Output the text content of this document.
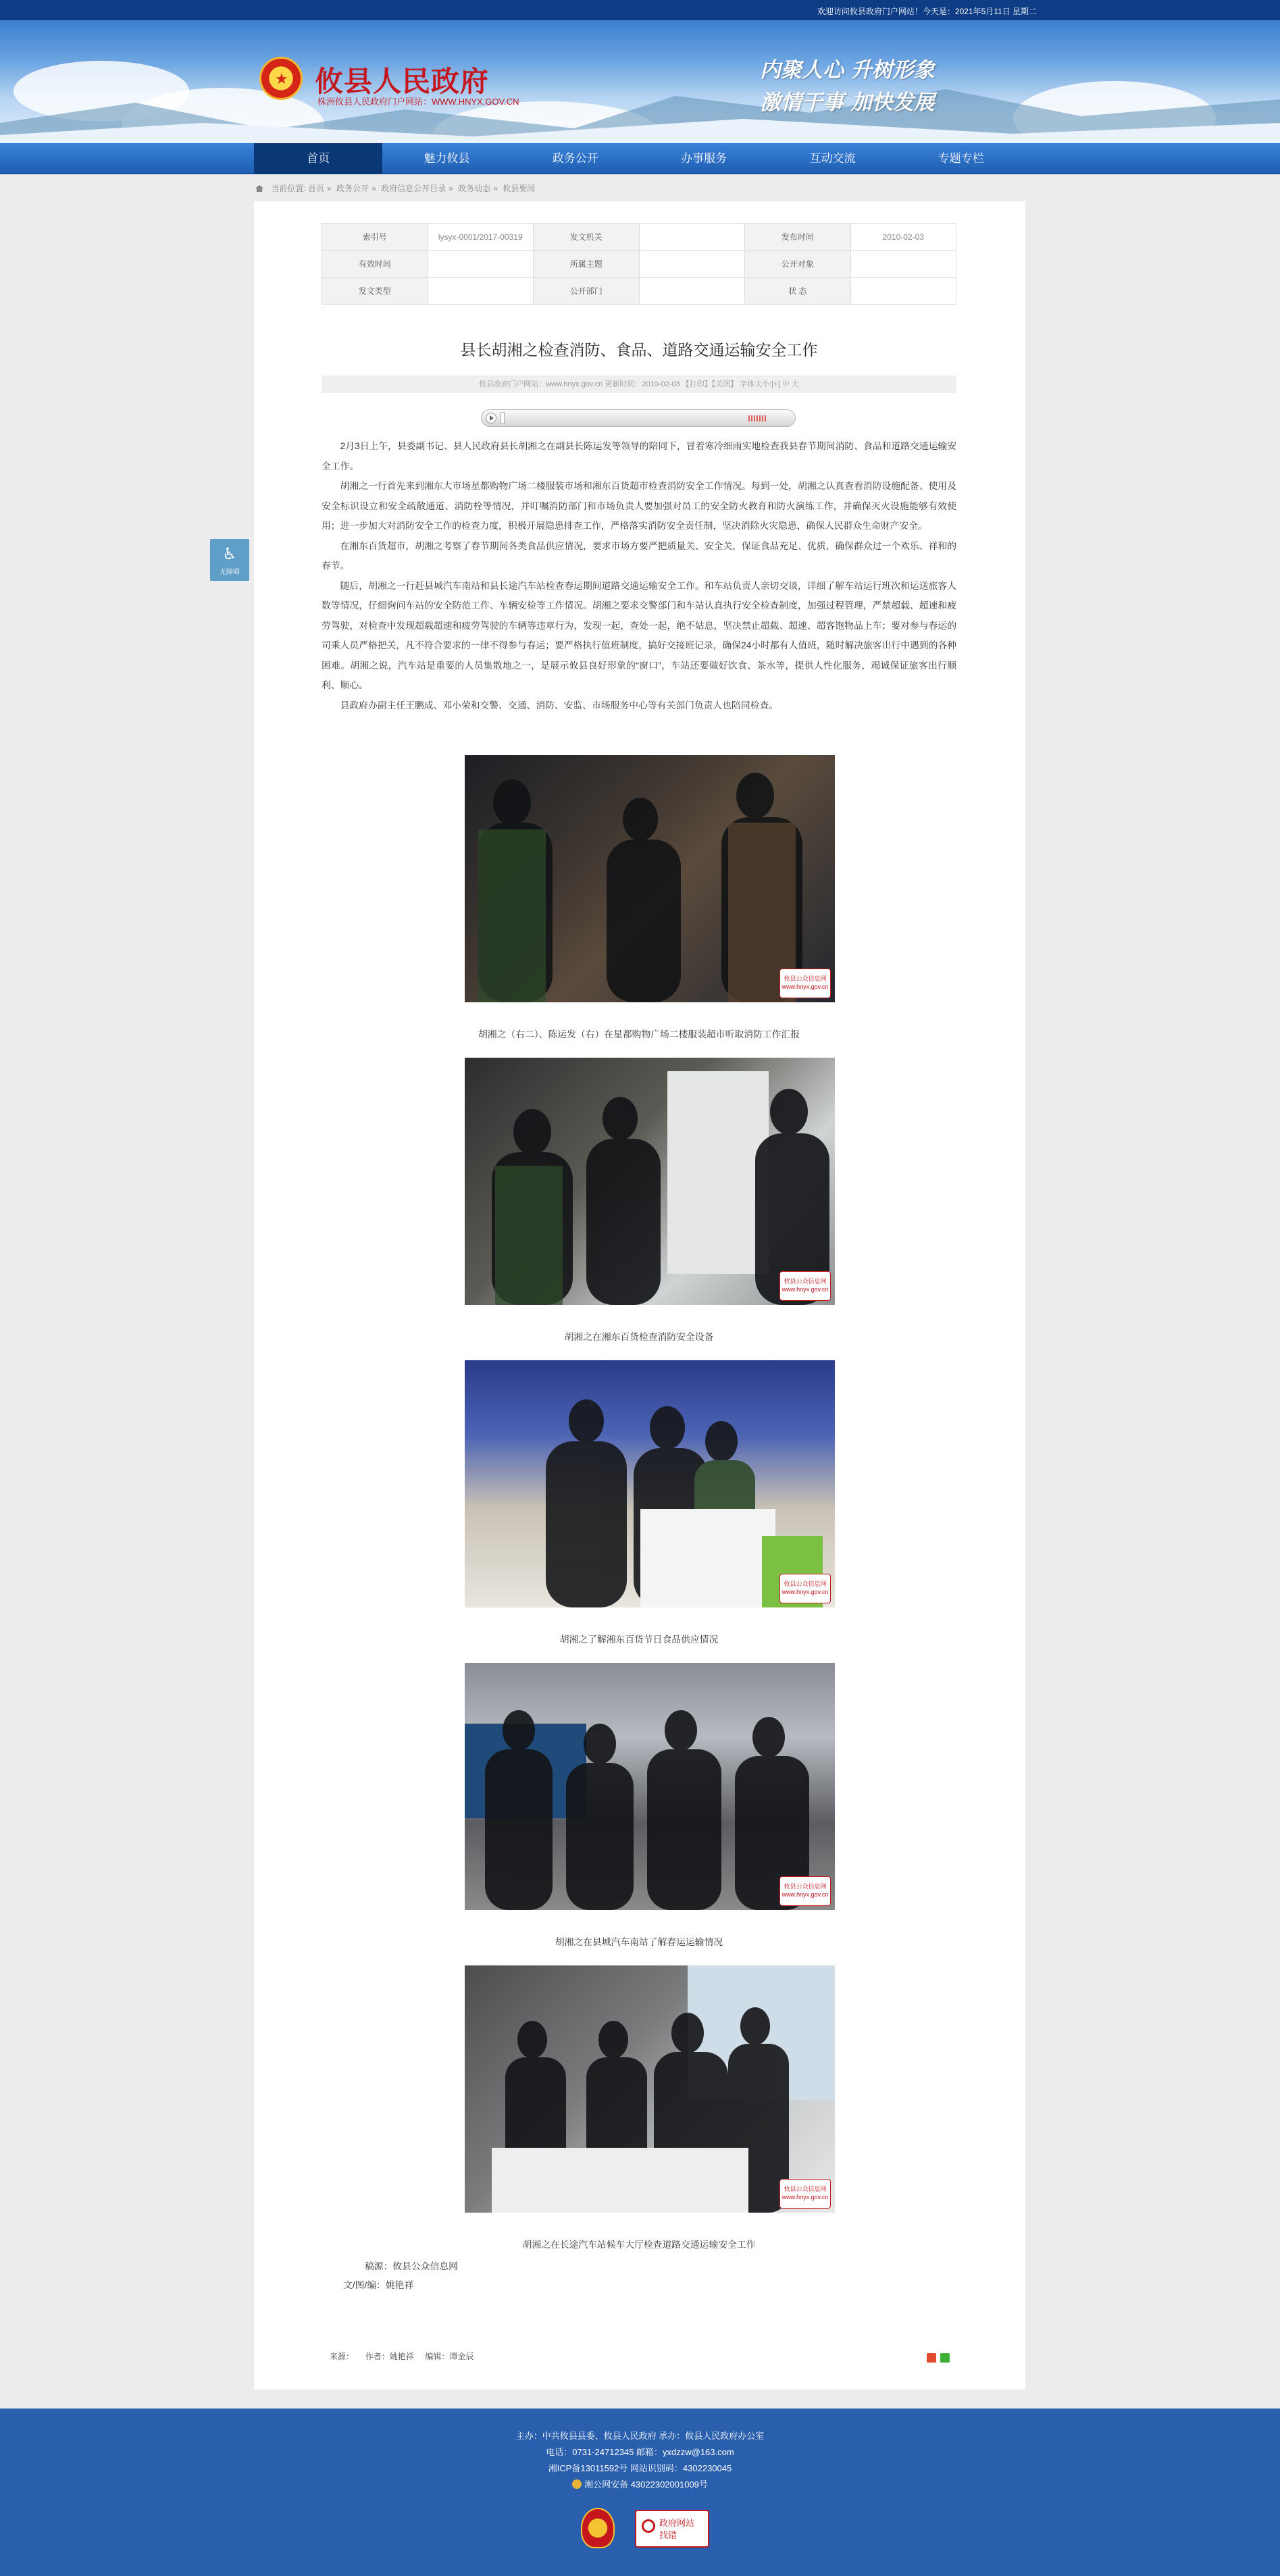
欢迎访问攸县政府门户网站！今天是：2021年5月11日 星期二
★ 攸县人民政府
株洲攸县人民政府门户网站：WWW.HNYX.GOV.CN
内聚人心 升树形象
激情干事 加快发展
首页	魅力攸县	政务公开	办事服务	互动交流	专题专栏
当前位置: 首页 » 政务公开 » 政府信息公开目录 » 政务动态 » 攸县要闻
♿
无障碍
索引号	lysyx-0001/2017-00319	发文机关		发布时间	2010-02-03
有效时间		所属主题		公开对象	
发文类型		公开部门		状 态	
县长胡湘之检查消防、食品、道路交通运输安全工作
攸县政府门户网站：www.hnyx.gov.cn 更新时间：2010-02-03 【打印】【关闭】 字体大小:[+] 中 大

2月3日上午，县委副书记、县人民政府县长胡湘之在副县长陈运发等领导的陪同下，冒着寒冷细雨实地检查我县春节期间消防、食品和道路交通运输安全工作。

胡湘之一行首先来到湘东大市场星都购物广场二楼服装市场和湘东百货超市检查消防安全工作情况。每到一处，胡湘之认真查看消防设施配备、使用及安全标识设立和安全疏散通道、消防栓等情况，并叮嘱消防部门和市场负责人要加强对员工的安全防火教育和防火演练工作，并确保灭火设施能够有效使用；进一步加大对消防安全工作的检查力度，积极开展隐患排查工作，严格落实消防安全责任制，坚决消除火灾隐患，确保人民群众生命财产安全。

在湘东百货超市，胡湘之考察了春节期间各类食品供应情况，要求市场方要严把质量关、安全关，保证食品充足、优质，确保群众过一个欢乐、祥和的春节。

随后，胡湘之一行赶县城汽车南站和县长途汽车站检查春运期间道路交通运输安全工作。和车站负责人亲切交谈，详细了解车站运行班次和运送旅客人数等情况，仔细询问车站的安全防范工作、车辆安检等工作情况。胡湘之要求交警部门和车站认真执行安全检查制度，加强过程管理，严禁超载、超速和疲劳驾驶，对检查中发现超载超速和疲劳驾驶的车辆等违章行为，发现一起，查处一起，绝不姑息，坚决禁止超载、超速、超客饱物品上车；要对参与春运的司乘人员严格把关，凡不符合要求的一律不得参与春运；要严格执行值班制度，搞好交接班记录，确保24小时都有人值班，随时解决旅客出行中遇到的各种困难。胡湘之说，汽车站是重要的人员集散地之一，是展示攸县良好形象的“窗口”，车站还要做好饮食、茶水等，提供人性化服务，竭诚保证旅客出行顺利、顺心。

县政府办副主任王鹏成、邓小荣和交警、交通、消防、安监、市场服务中心等有关部门负责人也陪同检查。

攸县公众信息网 www.hnyx.gov.cn
胡湘之（右二）、陈运发（右）在星都购物广场二楼服装超市听取消防工作汇报
攸县公众信息网 www.hnyx.gov.cn
胡湘之在湘东百货检查消防安全设备
攸县公众信息网 www.hnyx.gov.cn
胡湘之了解湘东百货节日食品供应情况
攸县公众信息网 www.hnyx.gov.cn
胡湘之在县城汽车南站了解春运运输情况
攸县公众信息网 www.hnyx.gov.cn
胡湘之在长途汽车站候车大厅检查道路交通运输安全工作
稿源：攸县公众信息网
文/图/编：姚艳祥
来源： 作者：姚艳祥 编辑：谭金辰
主办：中共攸县县委、攸县人民政府 承办：攸县人民政府办公室
电话：0731-24712345 邮箱：yxdzzw@163.com
湘ICP备13011592号 网站识别码：4302230045
湘公网安备 43022302001009号
政府网站
找错
